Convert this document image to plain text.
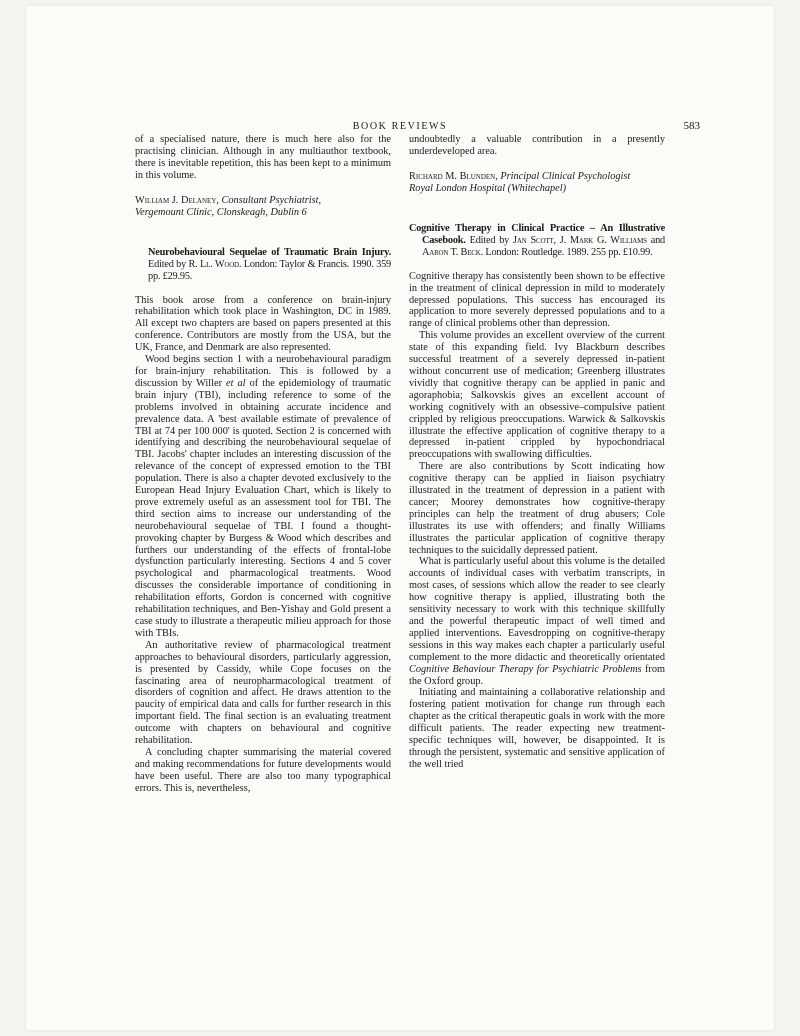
BOOK REVIEWS	583

of a specialised nature, there is much here also for the practising clinician. Although in any multiauthor textbook, there is inevitable repetition, this has been kept to a minimum in this volume.

William J. Delaney, Consultant Psychiatrist,
Vergemount Clinic, Clonskeagh, Dublin 6

Neurobehavioural Sequelae of Traumatic Brain Injury. Edited by R. Ll. Wood. London: Taylor & Francis. 1990. 359 pp. £29.95.

This book arose from a conference on brain-injury rehabilitation which took place in Washington, DC in 1989. All except two chapters are based on papers presented at this conference. Contributors are mostly from the USA, but the UK, France, and Denmark are also represented.

Wood begins section 1 with a neurobehavioural paradigm for brain-injury rehabilitation. This is followed by a discussion by Willer et al of the epidemiology of traumatic brain injury (TBI), including reference to some of the problems involved in obtaining accurate incidence and prevalence data. A 'best available estimate of prevalence of TBI at 74 per 100 000' is quoted. Section 2 is concerned with identifying and describing the neurobehavioural sequelae of TBI. Jacobs' chapter includes an interesting discussion of the relevance of the concept of expressed emotion to the TBI population. There is also a chapter devoted exclusively to the European Head Injury Evaluation Chart, which is likely to prove extremely useful as an assessment tool for TBI. The third section aims to increase our understanding of the neurobehavioural sequelae of TBI. I found a thought-provoking chapter by Burgess & Wood which describes and furthers our understanding of the effects of frontal-lobe dysfunction particularly interesting. Sections 4 and 5 cover psychological and pharmacological treatments. Wood discusses the considerable importance of conditioning in rehabilitation efforts, Gordon is concerned with cognitive rehabilitation techniques, and Ben-Yishay and Gold present a case study to illustrate a therapeutic milieu approach for those with TBIs.

An authoritative review of pharmacological treatment approaches to behavioural disorders, particularly aggression, is presented by Cassidy, while Cope focuses on the fascinating area of neuropharmacological treatment of disorders of cognition and affect. He draws attention to the paucity of empirical data and calls for further research in this important field. The final section is an evaluating treatment outcome with chapters on behavioural and cognitive rehabilitation.

A concluding chapter summarising the material covered and making recommendations for future developments would have been useful. There are also too many typographical errors. This is, nevertheless,

undoubtedly a valuable contribution in a presently underdeveloped area.

Richard M. Blunden, Principal Clinical Psychologist
Royal London Hospital (Whitechapel)

Cognitive Therapy in Clinical Practice – An Illustrative Casebook. Edited by Jan Scott, J. Mark G. Williams and Aaron T. Beck. London: Routledge. 1989. 255 pp. £10.99.

Cognitive therapy has consistently been shown to be effective in the treatment of clinical depression in mild to moderately depressed populations. This success has encouraged its application to more severely depressed populations and to a range of clinical problems other than depression.

This volume provides an excellent overview of the current state of this expanding field. Ivy Blackburn describes successful treatment of a severely depressed in-patient without concurrent use of medication; Greenberg illustrates vividly that cognitive therapy can be applied in panic and agoraphobia; Salkovskis gives an excellent account of working cognitively with an obsessive–compulsive patient crippled by religious preoccupations. Warwick & Salkovskis illustrate the effective application of cognitive therapy to a depressed in-patient crippled by hypochondriacal preoccupations with swallowing difficulties.

There are also contributions by Scott indicating how cognitive therapy can be applied in liaison psychiatry illustrated in the treatment of depression in a patient with cancer; Moorey demonstrates how cognitive-therapy principles can help the treatment of drug abusers; Cole illustrates its use with offenders; and finally Williams illustrates the particular application of cognitive therapy techniques to the suicidally depressed patient.

What is particularly useful about this volume is the detailed accounts of individual cases with verbatim transcripts, in most cases, of sessions which allow the reader to see clearly how cognitive therapy is applied, illustrating both the sensitivity necessary to work with this technique skillfully and the powerful therapeutic impact of well timed and applied interventions. Eavesdropping on cognitive-therapy sessions in this way makes each chapter a particularly useful complement to the more didactic and theoretically orientated Cognitive Behaviour Therapy for Psychiatric Problems from the Oxford group.

Initiating and maintaining a collaborative relationship and fostering patient motivation for change run through each chapter as the critical therapeutic goals in work with the more difficult patients. The reader expecting new treatment-specific techniques will, however, be disappointed. It is through the persistent, systematic and sensitive application of the well tried
